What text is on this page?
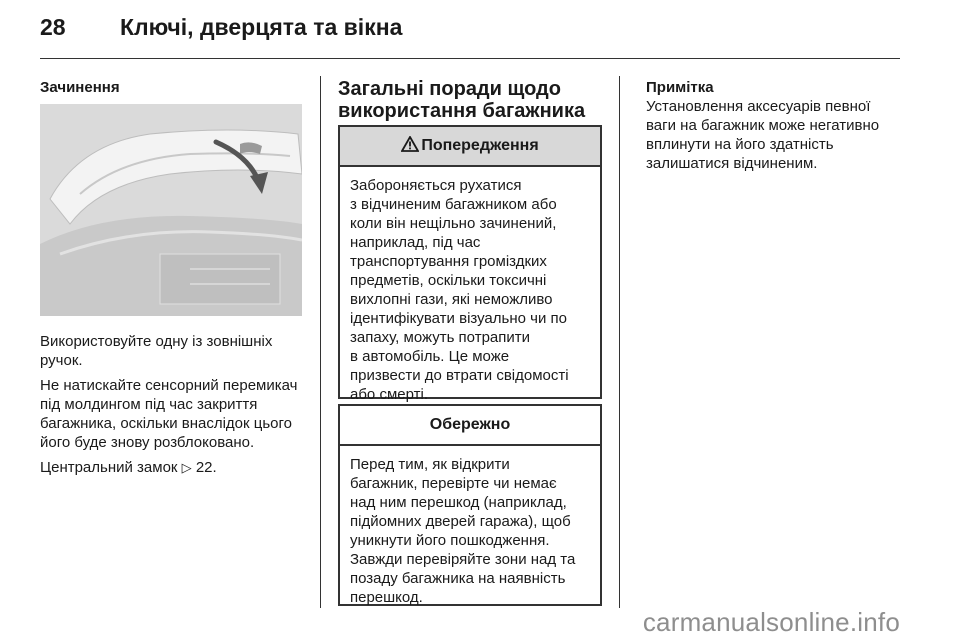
28 Ключі, дверцята та вікна
Зачинення

Використовуйте одну із зовнішніх ручок.

Не натискайте сенсорний перемикач під молдингом під час закриття багажника, оскільки внаслідок цього його буде знову розблоковано.

Центральний замок ▷ 22.

Загальні поради щодо
використання багажника
Попередження
Забороняється рухатися
з відчиненим багажником або
коли він нещільно зачинений,
наприклад, під час
транспортування громіздких
предметів, оскільки токсичні
вихлопні гази, які неможливо
ідентифікувати візуально чи по
запаху, можуть потрапити
в автомобіль. Це може
призвести до втрати свідомості
або смерті.
Обережно
Перед тим, як відкрити
багажник, перевірте чи немає
над ним перешкод (наприклад,
підйомних дверей гаража), щоб
уникнути його пошкодження.
Завжди перевіряйте зони над та
позаду багажника на наявність
перешкод.
Примітка
Установлення аксесуарів певної
ваги на багажник може негативно
вплинути на його здатність
залишатися відчиненим.
carmanualsonline.info
